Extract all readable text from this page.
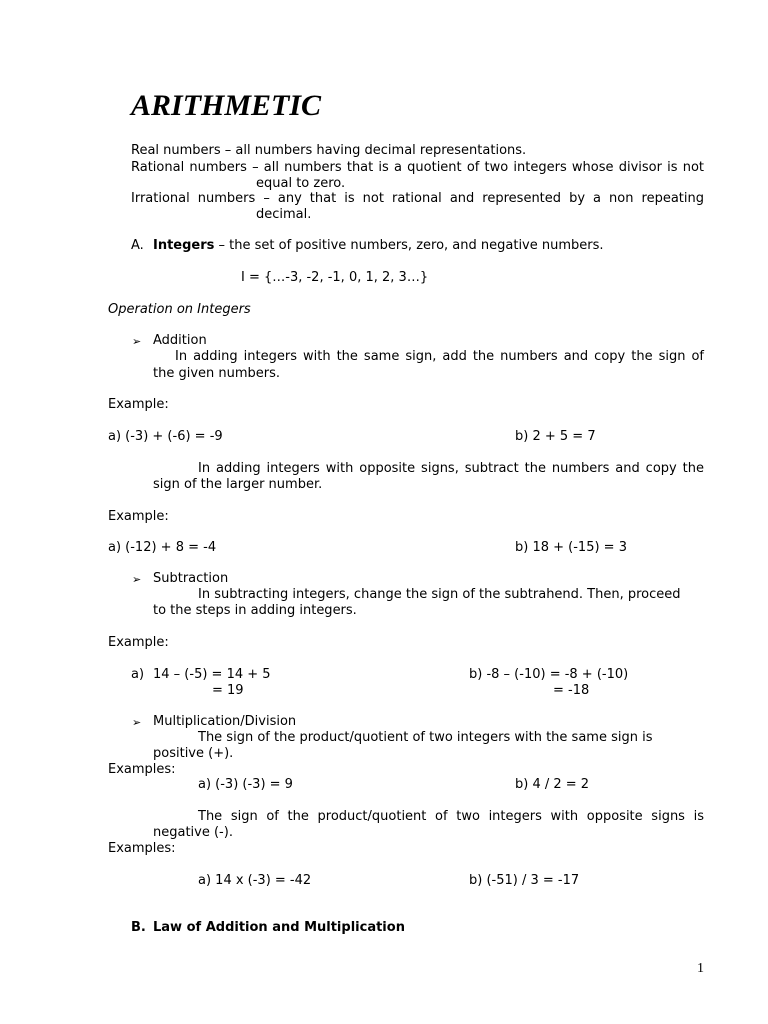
ARITHMETIC
Real numbers – all numbers having decimal representations.
Rational numbers – all numbers that is a quotient of two integers whose divisor is not
equal to zero.
Irrational numbers – any that is not rational and represented by a non repeating
decimal.
A. Integers – the set of positive numbers, zero, and negative numbers.
I = {…-3, -2, -1, 0, 1, 2, 3…}
Operation on Integers
➢ Addition
In adding integers with the same sign, add the numbers and copy the sign of
the given numbers.
Example:
a) (-3) + (-6) = -9	b) 2 + 5 = 7
In adding integers with opposite signs, subtract the numbers and copy the
sign of the larger number.
Example:
a) (-12) + 8 = -4	b) 18 + (-15) = 3
➢ Subtraction
In subtracting integers, change the sign of the subtrahend. Then, proceed
to the steps in adding integers.
Example:
a) 14 – (-5) = 14 + 5
= 19
b) -8 – (-10) = -8 + (-10)
= -18
➢ Multiplication/Division
The sign of the product/quotient of two integers with the same sign is
positive (+).
Examples:
a) (-3) (-3) = 9	b) 4 / 2 = 2
The sign of the product/quotient of two integers with opposite signs is
negative (-).
Examples:
a) 14 x (-3) = -42	b) (-51) / 3 = -17
B. Law of Addition and Multiplication
1
